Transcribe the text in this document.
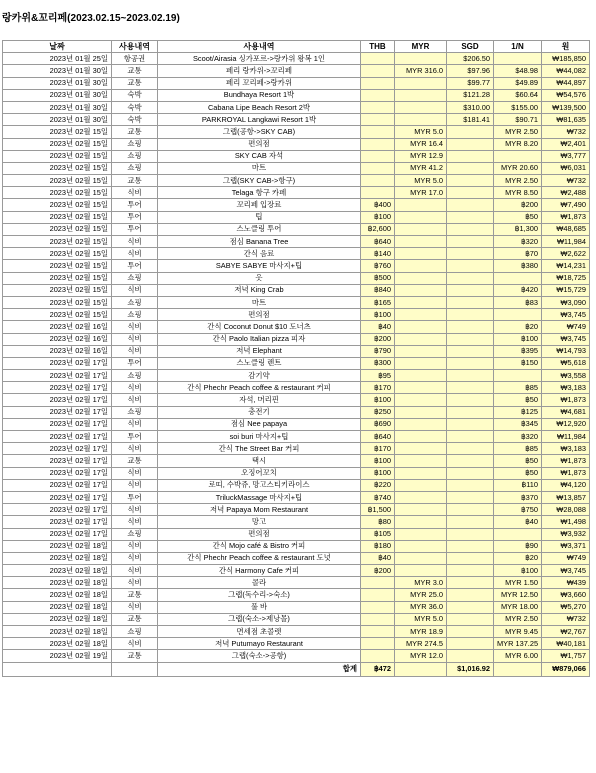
랑카위&꼬리페(2023.02.15~2023.02.19)
날짜	사용내역	사용내역	THB	MYR	SGD	1/N	원
2023년 01월 25일	항공권	Scoot/Airasia 싱가포르->랑카위 왕복 1인			$206.50		₩185,850
2023년 01월 30일	교통	페리 랑카위->꼬리페		MYR 316.0	$97.96	$48.98	₩44,082
2023년 01월 30일	교통	페리 꼬리페->랑카위			$99.77	$49.89	₩44,897
2023년 01월 30일	숙박	Bundhaya Resort 1박			$121.28	$60.64	₩54,576
2023년 01월 30일	숙박	Cabana Lipe Beach Resort 2박			$310.00	$155.00	₩139,500
2023년 01월 30일	숙박	PARKROYAL Langkawi Resort 1박			$181.41	$90.71	₩81,635
2023년 02월 15일	교통	그랩(공항->SKY CAB)		MYR 5.0		MYR 2.50	₩732
2023년 02월 15일	쇼핑	편의점		MYR 16.4		MYR 8.20	₩2,401
2023년 02월 15일	쇼핑	SKY CAB 자석		MYR 12.9			₩3,777
2023년 02월 15일	쇼핑	마트		MYR 41.2		MYR 20.60	₩6,031
2023년 02월 15일	교통	그랩(SKY CAB->항구)		MYR 5.0		MYR 2.50	₩732
2023년 02월 15일	식비	Telaga 항구 카페		MYR 17.0		MYR 8.50	₩2,488
2023년 02월 15일	투어	꼬리페 입장료	฿400			฿200	₩7,490
2023년 02월 15일	투어	팁	฿100			฿50	₩1,873
2023년 02월 15일	투어	스노클링 투어	฿2,600			฿1,300	₩48,685
2023년 02월 15일	식비	점심 Banana Tree	฿640			฿320	₩11,984
2023년 02월 15일	식비	간식 음료	฿140			฿70	₩2,622
2023년 02월 15일	투어	SABYE SABYE 마사지+팁	฿760			฿380	₩14,231
2023년 02월 15일	쇼핑	옷	฿500				₩18,725
2023년 02월 15일	식비	저녁 King Crab	฿840			฿420	₩15,729
2023년 02월 15일	쇼핑	마트	฿165			฿83	₩3,090
2023년 02월 15일	쇼핑	편의점	฿100				₩3,745
2023년 02월 16일	식비	간식 Coconut Donut $10 도너츠	฿40			฿20	₩749
2023년 02월 16일	식비	간식 Paolo Italian pizza 피자	฿200			฿100	₩3,745
2023년 02월 16일	식비	저녁 Elephant	฿790			฿395	₩14,793
2023년 02월 17일	투어	스노클링 렌트	฿300			฿150	₩5,618
2023년 02월 17일	쇼핑	감기약	฿95				₩3,558
2023년 02월 17일	식비	간식 Phechr Peach coffee & restaurant 커피	฿170			฿85	₩3,183
2023년 02월 17일	식비	자석, 머리핀	฿100			฿50	₩1,873
2023년 02월 17일	쇼핑	충전기	฿250			฿125	₩4,681
2023년 02월 17일	식비	점심 Nee papaya	฿690			฿345	₩12,920
2023년 02월 17일	투어	soi buri 마사지+팁	฿640			฿320	₩11,984
2023년 02월 17일	식비	간식 The Street Bar 커피	฿170			฿85	₩3,183
2023년 02월 17일	교통	택시	฿100			฿50	₩1,873
2023년 02월 17일	식비	오징어꼬치	฿100			฿50	₩1,873
2023년 02월 17일	식비	로띠, 수박쥬, 망고스티키라이스	฿220			฿110	₩4,120
2023년 02월 17일	투어	TriluckMassage 마사지+팁	฿740			฿370	₩13,857
2023년 02월 17일	식비	저녁 Papaya Mom Restaurant	฿1,500			฿750	₩28,088
2023년 02월 17일	식비	망고	฿80			฿40	₩1,498
2023년 02월 17일	쇼핑	편의점	฿105				₩3,932
2023년 02월 18일	식비	간식 Mojo café & Bistro 커피	฿180			฿90	₩3,371
2023년 02월 18일	식비	간식 Phechr Peach coffee & restaurant 도넛	฿40			฿20	₩749
2023년 02월 18일	식비	간식 Harmony Cafe 커피	฿200			฿100	₩3,745
2023년 02월 18일	식비	콜라		MYR 3.0		MYR 1.50	₩439
2023년 02월 18일	교통	그랩(독수리->숙소)		MYR 25.0		MYR 12.50	₩3,660
2023년 02월 18일	식비	풀 바		MYR 36.0		MYR 18.00	₩5,270
2023년 02월 18일	교통	그랩(숙소->제낭몰)		MYR 5.0		MYR 2.50	₩732
2023년 02월 18일	쇼핑	면세점 초콜렛		MYR 18.9		MYR 9.45	₩2,767
2023년 02월 18일	식비	저녁 Putumayo Restaurant		MYR 274.5		MYR 137.25	₩40,181
2023년 02월 19일	교통	그랩(숙소->공항)		MYR 12.0		MYR 6.00	₩1,757
		합계	฿472		$1,016.92		₩879,066
